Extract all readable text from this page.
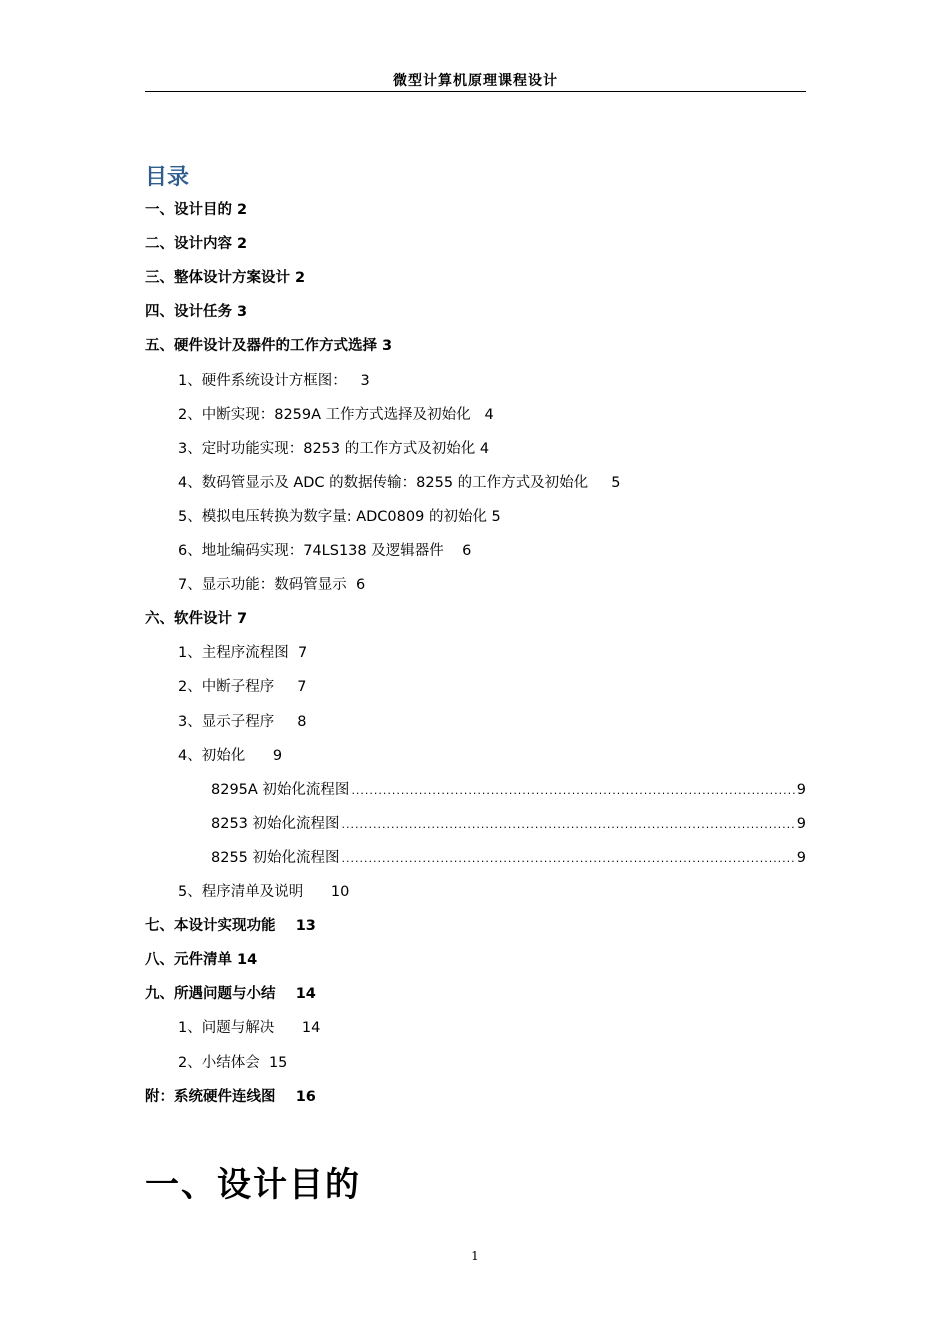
微型计算机原理课程设计
目录
一、设计目的 2
二、设计内容 2
三、整体设计方案设计 2
四、设计任务 3
五、硬件设计及器件的工作方式选择 3
1、硬件系统设计方框图：   3
2、中断实现：8259A 工作方式选择及初始化   4
3、定时功能实现：8253 的工作方式及初始化 4
4、数码管显示及 ADC 的数据传输：8255 的工作方式及初始化     5
5、模拟电压转换为数字量: ADC0809 的初始化 5
6、地址编码实现：74LS138 及逻辑器件    6
7、显示功能：数码管显示  6
六、软件设计 7
1、主程序流程图  7
2、中断子程序     7
3、显示子程序     8
4、初始化      9
8295A 初始化流程图 .....	9
8253 初始化流程图 .....	9
8255 初始化流程图 .....	9
5、程序清单及说明      10
七、本设计实现功能    13
八、元件清单 14
九、所遇问题与小结    14
1、问题与解决      14
2、小结体会  15
附：系统硬件连线图    16
一、设计目的
1
